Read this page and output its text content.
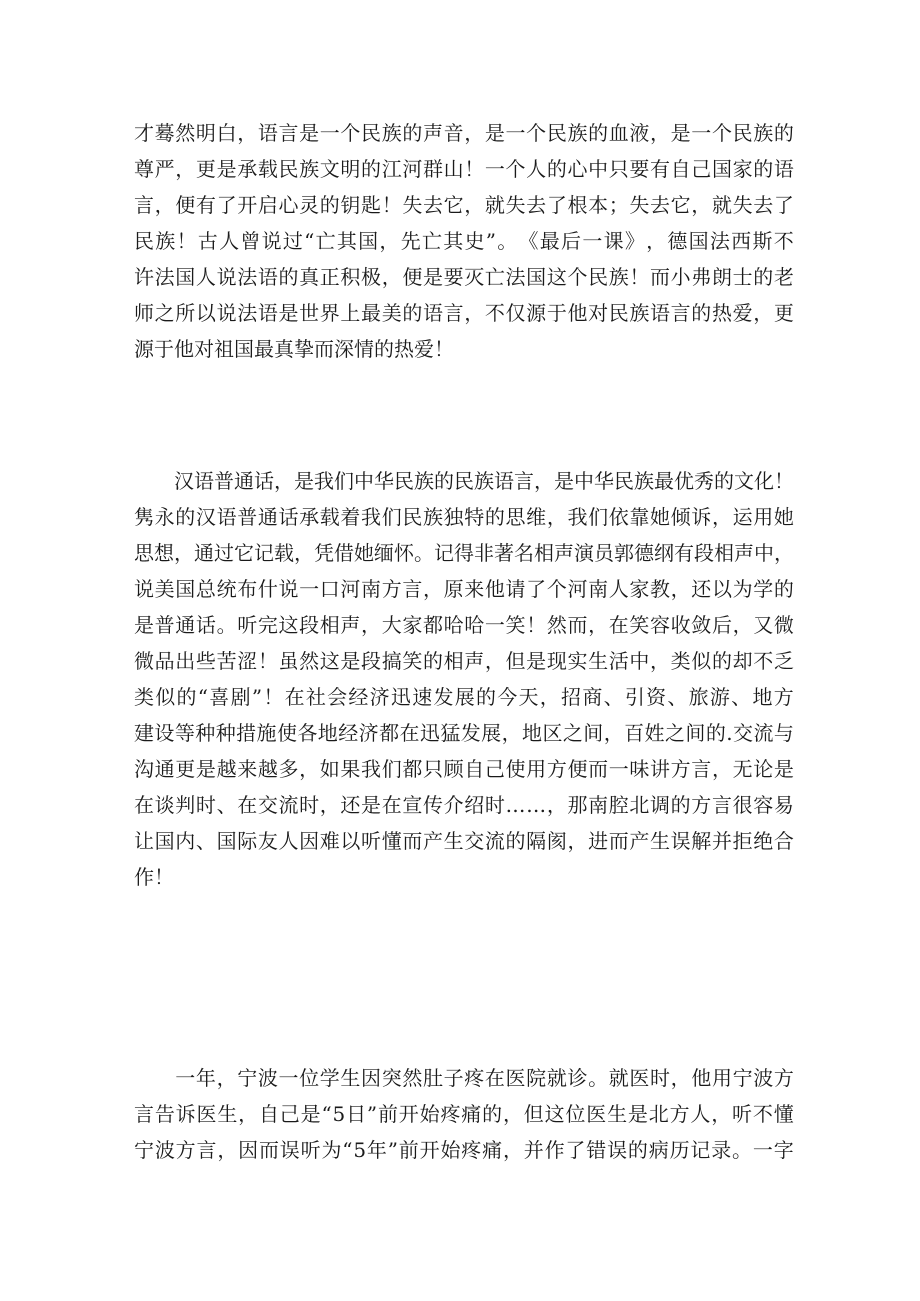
才 蓦 然 明 白 ， 语 言 是 一 个 民 族 的 声 音 ， 是 一 个 民 族 的 血 液 ， 是 一 个 民 族 的
尊 严 ， 更 是 承 载 民 族 文 明 的 江 河 群 山 ！ 一 个 人 的 心 中 只 要 有 自 己 国 家 的 语
言 ， 便 有 了 开 启 心 灵 的 钥 匙 ！ 失 去 它 ， 就 失 去 了 根 本 ； 失 去 它 ， 就 失 去 了
民 族 ！ 古 人 曾 说 过 “ 亡 其 国 ， 先 亡 其 史 ” 。 《 最 后 一 课 》 ， 德 国 法 西 斯 不
许 法 国 人 说 法 语 的 真 正 积 极 ， 便 是 要 灭 亡 法 国 这 个 民 族 ！ 而 小 弗 朗 士 的 老
师 之 所 以 说 法 语 是 世 界 上 最 美 的 语 言 ， 不 仅 源 于 他 对 民 族 语 言 的 热 爱 ， 更
源于他对祖国最真挚而深情的热爱！

汉 语 普 通 话 ， 是 我 们 中 华 民 族 的 民 族 语 言 ， 是 中 华 民 族 最 优 秀 的 文 化 ！
隽 永 的 汉 语 普 通 话 承 载 着 我 们 民 族 独 特 的 思 维 ， 我 们 依 靠 她 倾 诉 ， 运 用 她
思 想 ， 通 过 它 记 载 ， 凭 借 她 缅 怀 。 记 得 非 著 名 相 声 演 员 郭 德 纲 有 段 相 声 中 ，
说 美 国 总 统 布 什 说 一 口 河 南 方 言 ， 原 来 他 请 了 个 河 南 人 家 教 ， 还 以 为 学 的
是 普 通 话 。 听 完 这 段 相 声 ， 大 家 都 哈 哈 一 笑 ！ 然 而 ， 在 笑 容 收 敛 后 ， 又 微
微 品 出 些 苦 涩 ！ 虽 然 这 是 段 搞 笑 的 相 声 ， 但 是 现 实 生 活 中 ， 类 似 的 却 不 乏
类 似 的 “ 喜 剧 ” ！ 在 社 会 经 济 迅 速 发 展 的 今 天 ， 招 商 、 引 资 、 旅 游 、 地 方
建 设 等 种 种 措 施 使 各 地 经 济 都 在 迅 猛 发 展 ， 地 区 之 间 ， 百 姓 之 间 的 . 交 流 与
沟 通 更 是 越 来 越 多 ， 如 果 我 们 都 只 顾 自 己 使 用 方 便 而 一 味 讲 方 言 ， 无 论 是
在 谈 判 时 、 在 交 流 时 ， 还 是 在 宣 传 介 绍 时 … … ， 那 南 腔 北 调 的 方 言 很 容 易
让 国 内 、 国 际 友 人 因 难 以 听 懂 而 产 生 交 流 的 隔 阂 ， 进 而 产 生 误 解 并 拒 绝 合
作！

一 年 ， 宁 波 一 位 学 生 因 突 然 肚 子 疼 在 医 院 就 诊 。 就 医 时 ， 他 用 宁 波 方
言 告 诉 医 生 ， 自 己 是 “ 5 日 ” 前 开 始 疼 痛 的 ， 但 这 位 医 生 是 北 方 人 ， 听 不 懂
宁 波 方 言 ， 因 而 误 听 为 “ 5 年 ” 前 开 始 疼 痛 ， 并 作 了 错 误 的 病 历 记 录 。 一 字
